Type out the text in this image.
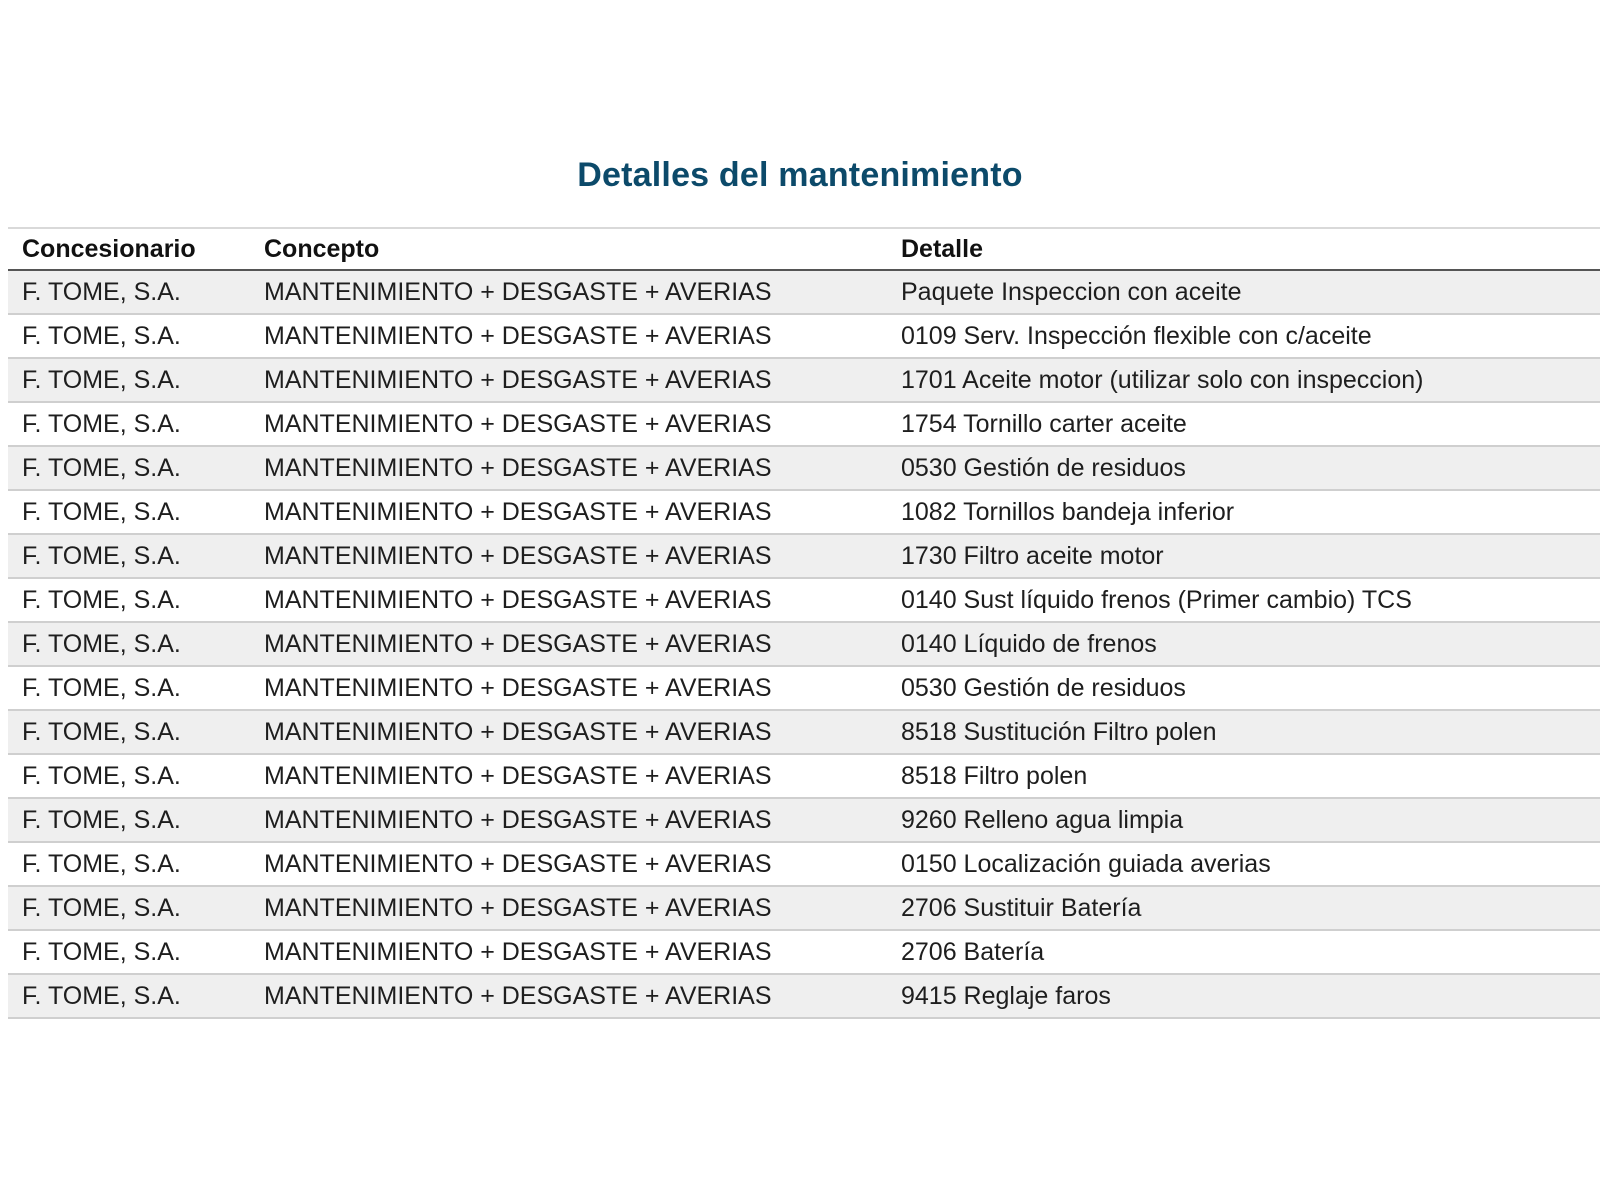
Detalles del mantenimiento
Concesionario	Concepto	Detalle
F. TOME, S.A.	MANTENIMIENTO + DESGASTE + AVERIAS	Paquete Inspeccion con aceite
F. TOME, S.A.	MANTENIMIENTO + DESGASTE + AVERIAS	0109 Serv. Inspección flexible con c/aceite
F. TOME, S.A.	MANTENIMIENTO + DESGASTE + AVERIAS	1701 Aceite motor (utilizar solo con inspeccion)
F. TOME, S.A.	MANTENIMIENTO + DESGASTE + AVERIAS	1754 Tornillo carter aceite
F. TOME, S.A.	MANTENIMIENTO + DESGASTE + AVERIAS	0530 Gestión de residuos
F. TOME, S.A.	MANTENIMIENTO + DESGASTE + AVERIAS	1082 Tornillos bandeja inferior
F. TOME, S.A.	MANTENIMIENTO + DESGASTE + AVERIAS	1730 Filtro aceite motor
F. TOME, S.A.	MANTENIMIENTO + DESGASTE + AVERIAS	0140 Sust líquido frenos (Primer cambio) TCS
F. TOME, S.A.	MANTENIMIENTO + DESGASTE + AVERIAS	0140 Líquido de frenos
F. TOME, S.A.	MANTENIMIENTO + DESGASTE + AVERIAS	0530 Gestión de residuos
F. TOME, S.A.	MANTENIMIENTO + DESGASTE + AVERIAS	8518 Sustitución Filtro polen
F. TOME, S.A.	MANTENIMIENTO + DESGASTE + AVERIAS	8518 Filtro polen
F. TOME, S.A.	MANTENIMIENTO + DESGASTE + AVERIAS	9260 Relleno agua limpia
F. TOME, S.A.	MANTENIMIENTO + DESGASTE + AVERIAS	0150 Localización guiada averias
F. TOME, S.A.	MANTENIMIENTO + DESGASTE + AVERIAS	2706 Sustituir Batería
F. TOME, S.A.	MANTENIMIENTO + DESGASTE + AVERIAS	2706 Batería
F. TOME, S.A.	MANTENIMIENTO + DESGASTE + AVERIAS	9415 Reglaje faros
